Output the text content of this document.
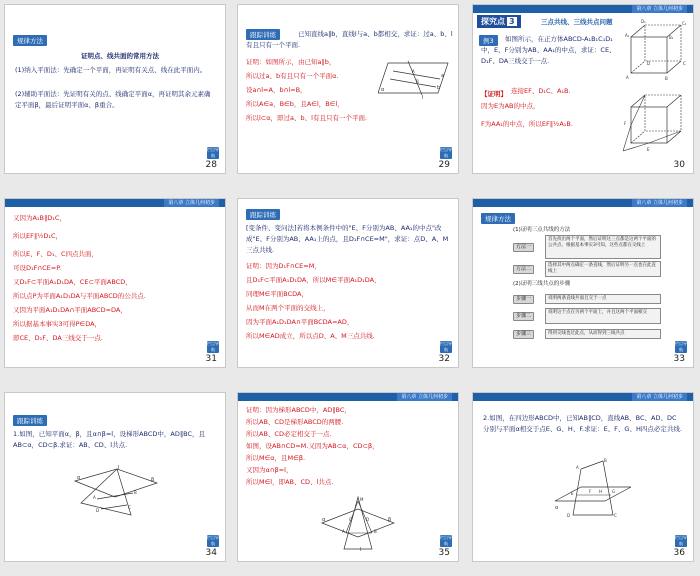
规律方法
证明点、线共面的常用方法
(1)纳入平面法：先确定一个平面，再证明有关点、线在此平面内。
(2)辅助平面法：先证明有关的点、线确定平面α，再证明其余元素确定平面β，最后证明平面α、β重合。
栏目导航
28
跟踪训练	已知直线a∥b，直线l与a、b都相交，求证：过a、b、l有且只有一个平面.
证明：如图所示，由已知a∥b，
所以过a、b有且只有一个平面α.
设a∩l=A，b∩l=B，
所以A∈a，B∈b，且A∈l，B∈l，
所以l⊂α，即过a、b、l有且只有一个平面.
a
b
l
A
B
α
栏目导航
29
第八章 立体几何初步
探究点 3	三点共线、三线共点问题
例3	如图所示，在正方体ABCD-A₁B₁C₁D₁中，E、F分别为AB、AA₁的中点，求证：CE、D₁F、DA三线交于一点.
【证明】 连接EF、D₁C、A₁B.
因为E为AB的中点，
F为AA₁的中点，所以EF∥½A₁B.
A₁	B₁
C₁
D₁
A	B
C
D
E
F
30
第八章 立体几何初步
又因为A₁B∥D₁C，
所以EF∥½D₁C，
所以E、F、D₁、C四点共面，
可设D₁F∩CE=P.
又D₁F⊂平面A₁D₁DA，CE⊂平面ABCD，
所以点P为平面A₁D₁DA与平面ABCD的公共点.
又因为平面A₁D₁DA∩平面ABCD=DA，
所以据基本事实3可得P∈DA，
即CE、D₁F、DA三线交于一点.
栏目导航
31
跟踪训练
[变条件、变问法]若将本例条件中的"E、F分别为AB、AA₁的中点"改成"E、F分别为AB、AA₁上的点，且D₁F∩CE=M"，求证：点D、A、M三点共线.
证明：因为D₁F∩CE=M，
且D₁F⊂平面A₁D₁DA，所以M∈平面A₁D₁DA，
同理M∈平面BCDA，
从而M在两个平面的交线上，
因为平面A₁D₁DA∩平面BCDA=AD，
所以M∈AD成立，所以点D、A、M三点共线.
栏目导航
32
第八章 立体几何初步
规律方法
(1)证明三点共线的方法
方法一
首先找出两个平面，然后证明这三点都是这两个平面的公共点，根据基本事实3可知，这些点都在交线上
方法二
选择其中两点确定一条直线，然后证明另一点也在此直线上
(2)证明三线共点的步骤
步骤一	说明两条直线共面且交于一点
步骤二
说明这个点在另两个平面上，并且这两个平面相交
步骤三	得到交线也过此点，从而得到三线共点
栏目导航
33
跟踪训练
1.如图，已知平面α，β，且α∩β=l，设梯形ABCD中，AD∥BC，且AB⊂α，CD⊂β.求证：AB、CD、l共点.
α	β
l
A
B
C
D
栏目导航
34
第八章 立体几何初步
证明：因为梯形ABCD中，AD∥BC，
所以AB、CD是梯形ABCD的两腰.
所以AB、CD必定相交于一点.
如图，设AB∩CD=M.又因为AB⊂α，CD⊂β，
所以M∈α，且M∈β.
又因为α∩β=l，
所以M∈l，即AB、CD、l共点.
M
A	B
C	D
α	β
l
栏目导航
35
第八章 立体几何初步
2.如图，在四边形ABCD中，已知AB∥CD，直线AB、BC、AD、DC分别与平面α相交于点E、G、H、F.求证：E、F、G、H四点必定共线.
A
B
C
D
E	F	G
H
α
栏目导航
36
